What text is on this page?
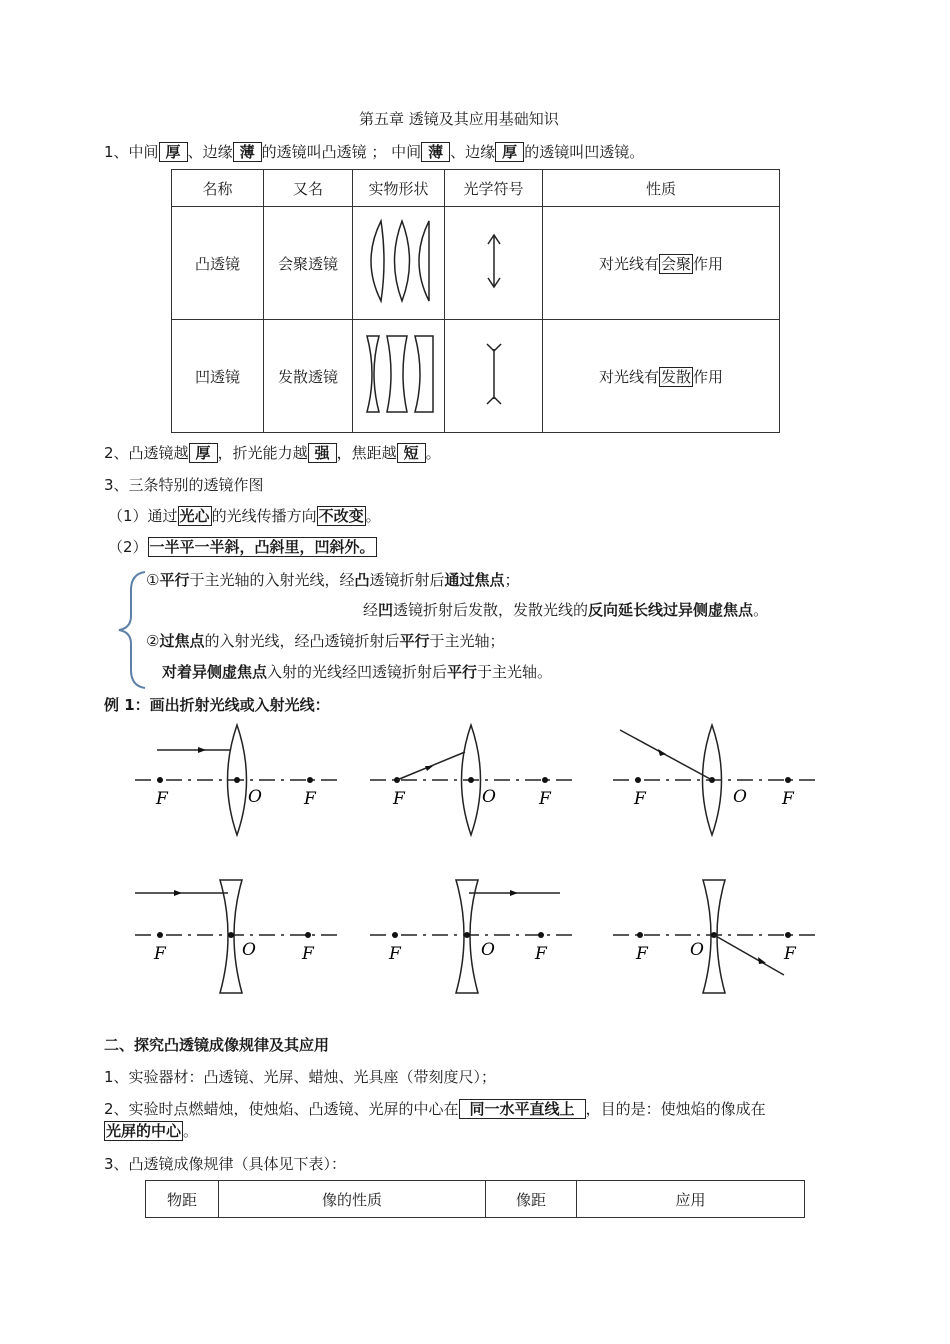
第五章 透镜及其应用基础知识
1、中间 厚 、边缘 薄 的透镜叫凸透镜 ； 中间 薄 、边缘 厚 的透镜叫凹透镜。
名称	又名	实物形状	光学符号	性质
凸透镜	会聚透镜			对光线有 会聚 作用
凹透镜	发散透镜			对光线有 发散 作用
2、凸透镜越 厚 ，折光能力越 强 ，焦距越 短 。
3、三条特别的透镜作图
（1）通过 光心 的光线传播方向 不改变 。
（2） 一半平一半斜，凸斜里，凹斜外。
①平行于主光轴的入射光线，经凸透镜折射后通过焦点；
经凹透镜折射后发散，发散光线的反向延长线过异侧虚焦点。
②过焦点的入射光线，经凸透镜折射后平行于主光轴；
对着异侧虚焦点入射的光线经凹透镜折射后平行于主光轴。
例 1：画出折射光线或入射光线：
F	O F	F	O	F	F	O F
F	O	F	F	O F	F O	F
二、探究凸透镜成像规律及其应用
1、实验器材：凸透镜、光屏、蜡烛、光具座（带刻度尺）；
2、实验时点燃蜡烛，使烛焰、凸透镜、光屏的中心在 同一水平直线上 ，目的是：使烛焰的像成在
光屏的中心 。
3、凸透镜成像规律（具体见下表）：
物距	像的性质	像距	应用
